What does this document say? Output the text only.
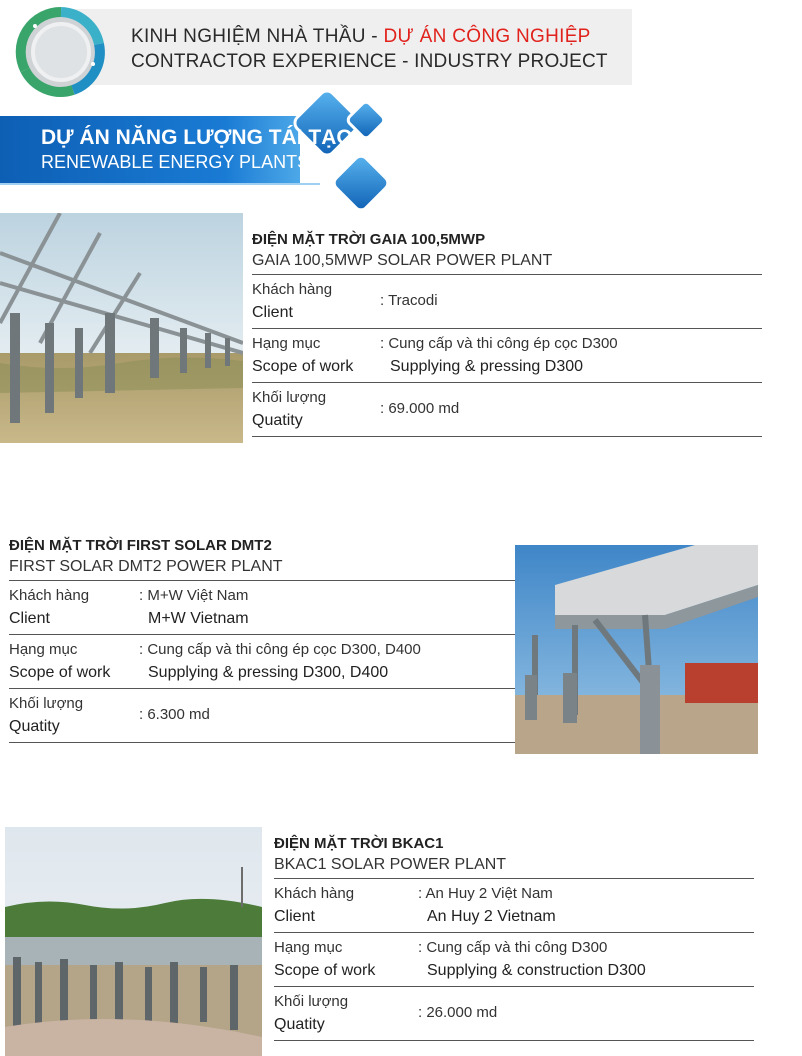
KINH NGHIỆM NHÀ THẦU - DỰ ÁN CÔNG NGHIỆP
CONTRACTOR EXPERIENCE - INDUSTRY PROJECT
DỰ ÁN NĂNG LƯỢNG TÁI TẠO
RENEWABLE ENERGY PLANTS
ĐIỆN MẶT TRỜI GAIA 100,5MWP
GAIA 100,5MWP SOLAR POWER PLANT
Khách hàng
Client
: Tracodi
Hạng mục
Scope of work
: Cung cấp và thi công ép cọc D300
Supplying & pressing D300
Khối lượng
Quatity
: 69.000 md
ĐIỆN MẶT TRỜI FIRST SOLAR DMT2
FIRST SOLAR DMT2 POWER PLANT
Khách hàng
Client
: M+W Việt Nam
M+W Vietnam
Hạng mục
Scope of work
: Cung cấp và thi công ép cọc D300, D400
Supplying & pressing D300, D400
Khối lượng
Quatity
: 6.300 md
ĐIỆN MẶT TRỜI BKAC1
BKAC1 SOLAR POWER PLANT
Khách hàng
Client
: An Huy 2 Việt Nam
An Huy 2 Vietnam
Hạng mục
Scope of work
: Cung cấp và thi công D300
Supplying & construction D300
Khối lượng
Quatity
: 26.000 md
